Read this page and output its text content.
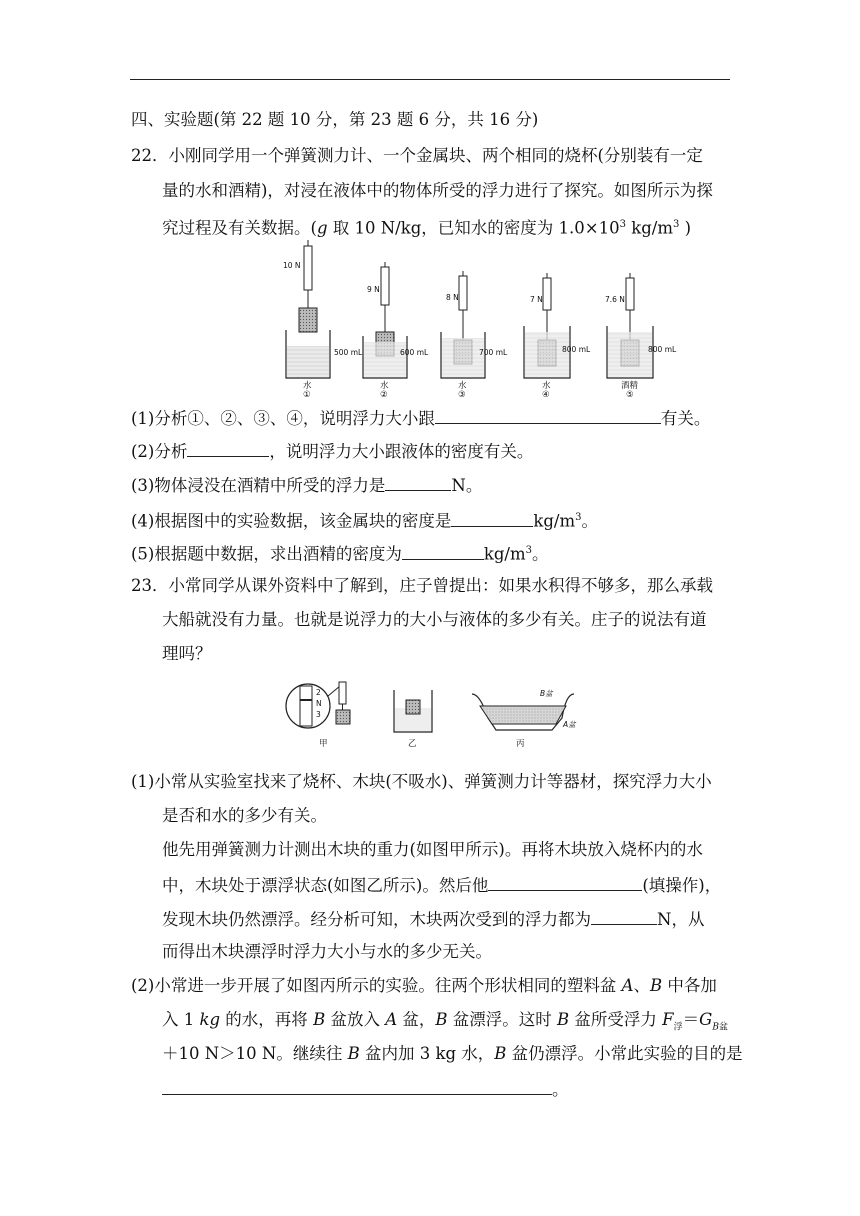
四、实验题(第 22 题 10 分，第 23 题 6 分，共 16 分)
22．小刚同学用一个弹簧测力计、一个金属块、两个相同的烧杯(分别装有一定
量的水和酒精)，对浸在液体中的物体所受的浮力进行了探究。如图所示为探
究过程及有关数据。(g 取 10 N/kg，已知水的密度为 $1.0\times 10^3$ $kg/m^3$ )
10 N
500 mL
水
①
9 N
600 mL
水
②
8 N
700 mL
水
③
7 N
800 mL
水
④
7.6 N
800 mL
酒精
⑤
(1)分析①、②、③、④，说明浮力大小跟	有关。
(2)分析	，说明浮力大小跟液体的密度有关。
(3)物体浸没在酒精中所受的浮力是	N。
(4)根据图中的实验数据，该金属块的密度是	$kg/m^3$。
(5)根据题中数据，求出酒精的密度为	$kg/m^3$。
23．小常同学从课外资料中了解到，庄子曾提出：如果水积得不够多，那么承载
大船就没有力量。也就是说浮力的大小与液体的多少有关。庄子的说法有道
理吗？
2
N
3
甲	乙
B盆
A盆
丙
(1)小常从实验室找来了烧杯、木块(不吸水)、弹簧测力计等器材，探究浮力大小
是否和水的多少有关。
他先用弹簧测力计测出木块的重力(如图甲所示)。再将木块放入烧杯内的水
中，木块处于漂浮状态(如图乙所示)。然后他	(填操作)，
发现木块仍然漂浮。经分析可知，木块两次受到的浮力都为	N，从
而得出木块漂浮时浮力大小与水的多少无关。
(2)小常进一步开展了如图丙所示的实验。往两个形状相同的塑料盆 A、B 中各加
入 1 kg 的水，再将 B 盆放入 A 盆，B 盆漂浮。这时 B 盆所受浮力 $F_浮=G_{B盆}$
＋10 N＞10 N。继续往 B 盆内加 3 kg 水，B 盆仍漂浮。小常此实验的目的是
。
